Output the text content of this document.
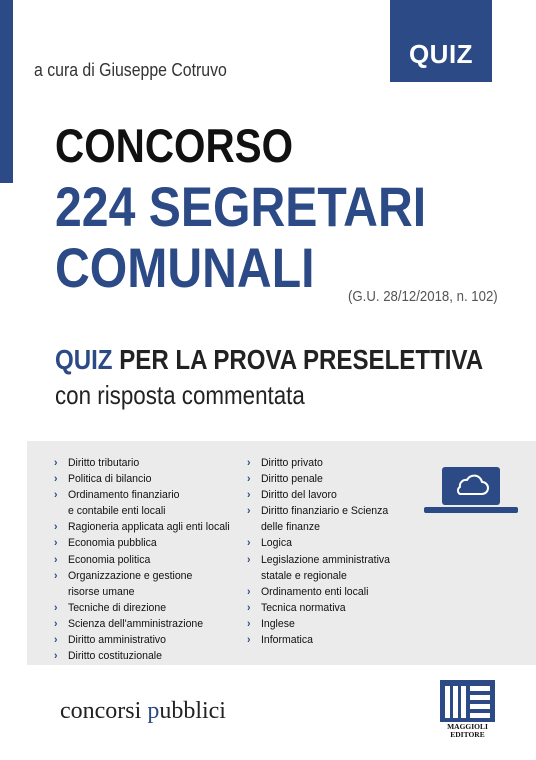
QUIZ
a cura di Giuseppe Cotruvo
CONCORSO
224 SEGRETARI
COMUNALI (G.U. 28/12/2018, n. 102)
QUIZ PER LA PROVA PRESELETTIVA
con risposta commentata
› Diritto tributario
› Politica di bilancio
› Ordinamento finanziario
e contabile enti locali
› Ragioneria applicata agli enti locali
› Economia pubblica
› Economia politica
› Organizzazione e gestione
risorse umane
› Tecniche di direzione
› Scienza dell'amministrazione
› Diritto amministrativo
› Diritto costituzionale
› Diritto privato
› Diritto penale
› Diritto del lavoro
› Diritto finanziario e Scienza
delle finanze
› Logica
› Legislazione amministrativa
statale e regionale
› Ordinamento enti locali
› Tecnica normativa
› Inglese
› Informatica
concorsi pubblici
MAGGIOLI
EDITORE
